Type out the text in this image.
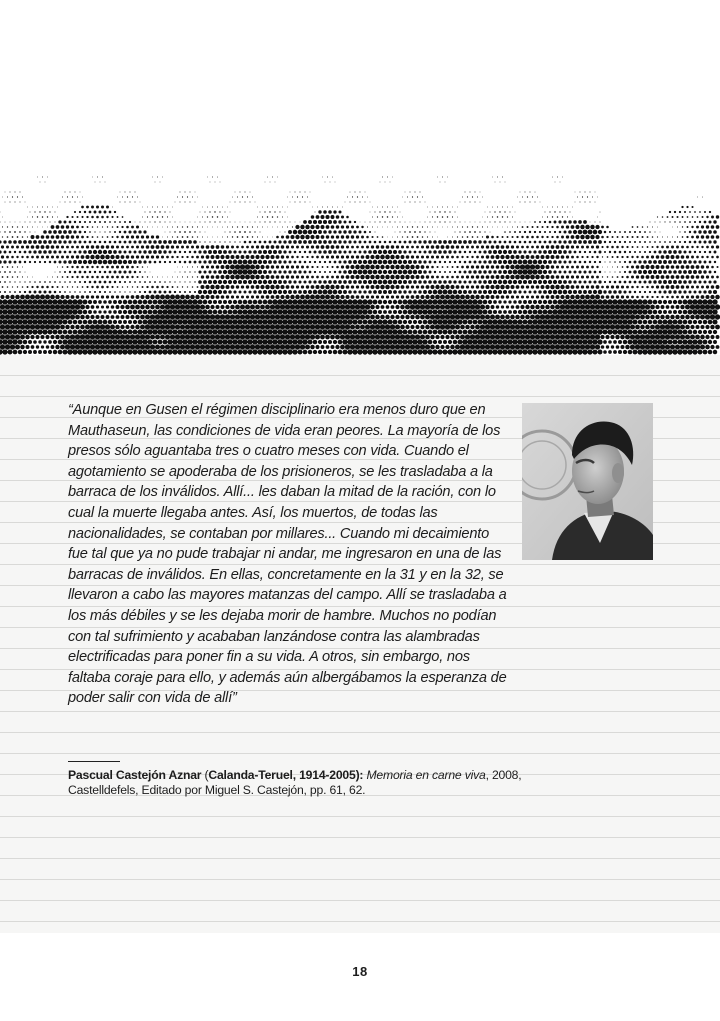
“Aunque en Gusen el régimen disciplinario era menos duro que en Mauthaseun, las condiciones de vida eran peores. La mayoría de los presos sólo aguantaba tres o cuatro meses con vida. Cuando el agotamiento se apoderaba de los prisioneros, se les trasladaba a la barraca de los inválidos. Allí... les daban la mitad de la ración, con lo cual la muerte llegaba antes. Así, los muertos, de todas las nacionalidades, se contaban por millares... Cuando mi decaimiento fue tal que ya no pude trabajar ni andar, me ingresaron en una de las barracas de inválidos. En ellas, concretamente en la 31 y en la 32, se llevaron a cabo las mayores matanzas del campo. Allí se trasladaba a los más débiles y se les dejaba morir de hambre. Muchos no podían con tal sufrimiento y acababan lanzándose contra las alambradas electrificadas para poner fin a su vida. A otros, sin embargo, nos faltaba coraje para ello, y además aún albergábamos la esperanza de poder salir con vida de allí”

Pascual Castejón Aznar (Calanda-Teruel, 1914-2005): Memoria en carne viva, 2008, Castelldefels, Editado por Miguel S. Castejón, pp. 61, 62.

18
